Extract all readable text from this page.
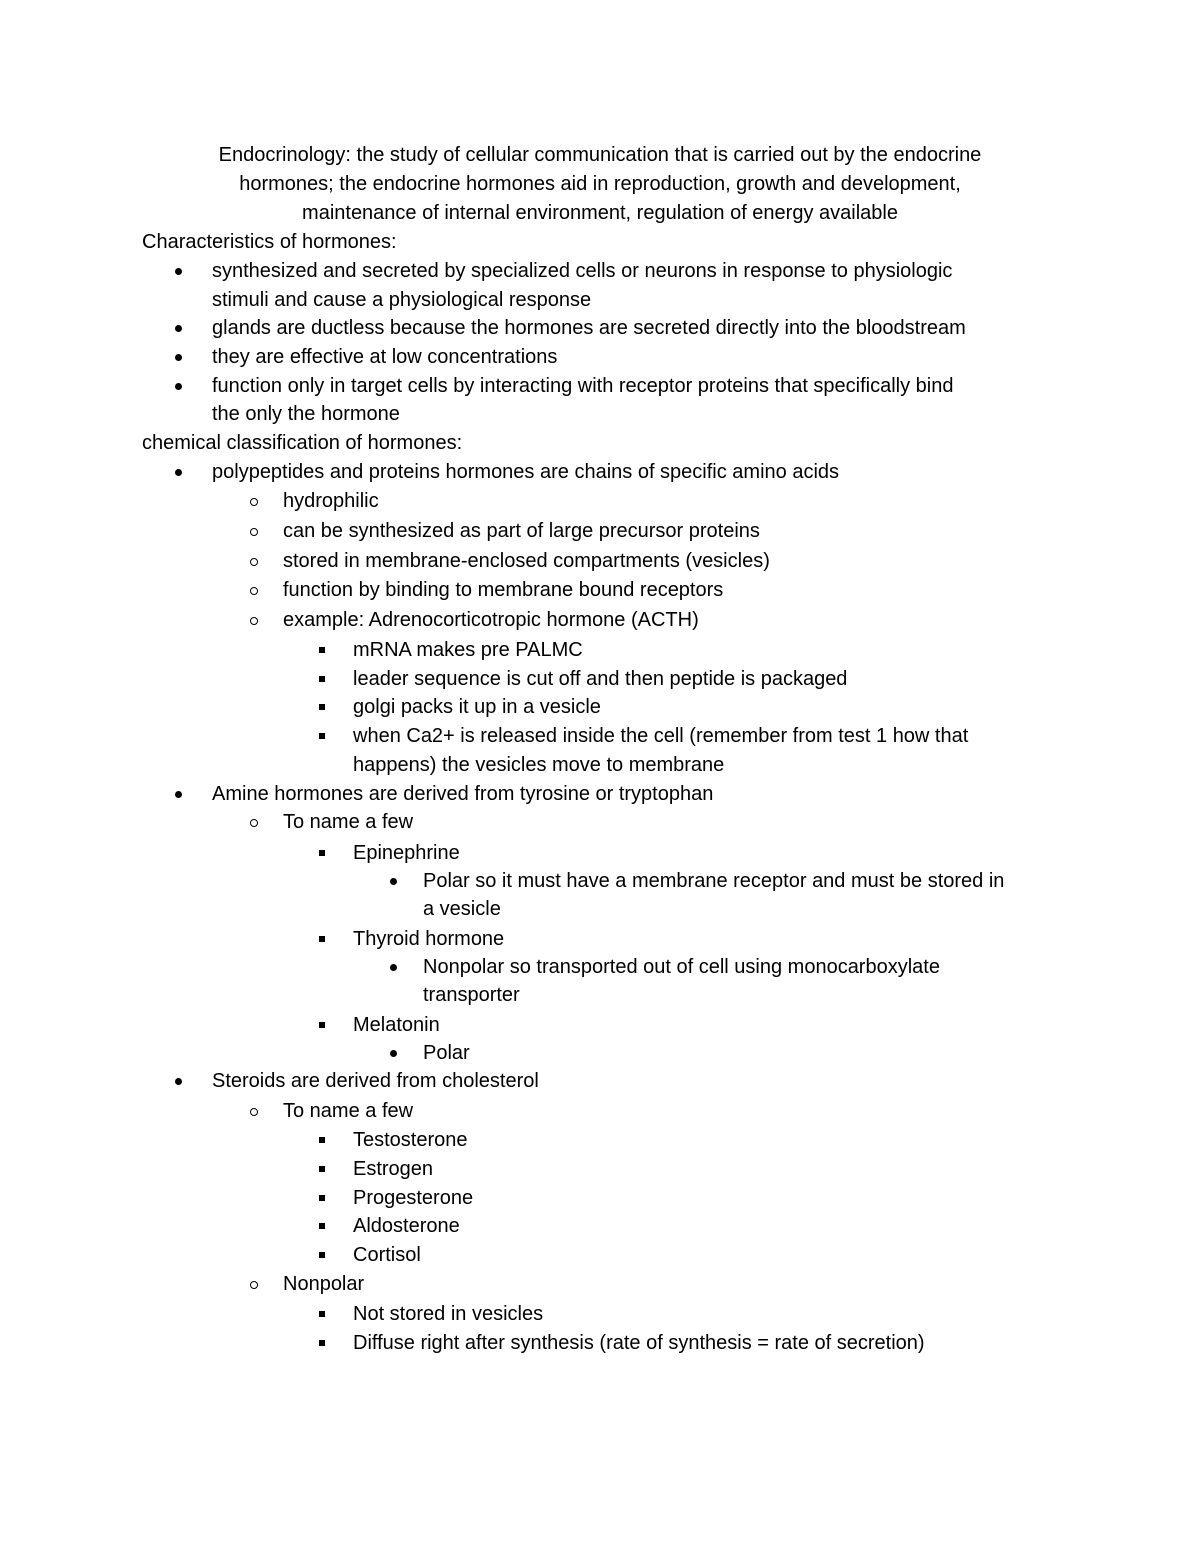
Endocrinology: the study of cellular communication that is carried out by the endocrine
hormones; the endocrine hormones aid in reproduction, growth and development,
maintenance of internal environment, regulation of energy available
Characteristics of hormones:
synthesized and secreted by specialized cells or neurons in response to physiologic
stimuli and cause a physiological response
glands are ductless because the hormones are secreted directly into the bloodstream
they are effective at low concentrations
function only in target cells by interacting with receptor proteins that specifically bind
the only the hormone
chemical classification of hormones:
polypeptides and proteins hormones are chains of specific amino acids
hydrophilic
can be synthesized as part of large precursor proteins
stored in membrane-enclosed compartments (vesicles)
function by binding to membrane bound receptors
example: Adrenocorticotropic hormone (ACTH)
mRNA makes pre PALMC
leader sequence is cut off and then peptide is packaged
golgi packs it up in a vesicle
when Ca2+ is released inside the cell (remember from test 1 how that
happens) the vesicles move to membrane
Amine hormones are derived from tyrosine or tryptophan
To name a few
Epinephrine
Polar so it must have a membrane receptor and must be stored in
a vesicle
Thyroid hormone
Nonpolar so transported out of cell using monocarboxylate
transporter
Melatonin
Polar
Steroids are derived from cholesterol
To name a few
Testosterone
Estrogen
Progesterone
Aldosterone
Cortisol
Nonpolar
Not stored in vesicles
Diffuse right after synthesis (rate of synthesis = rate of secretion)
